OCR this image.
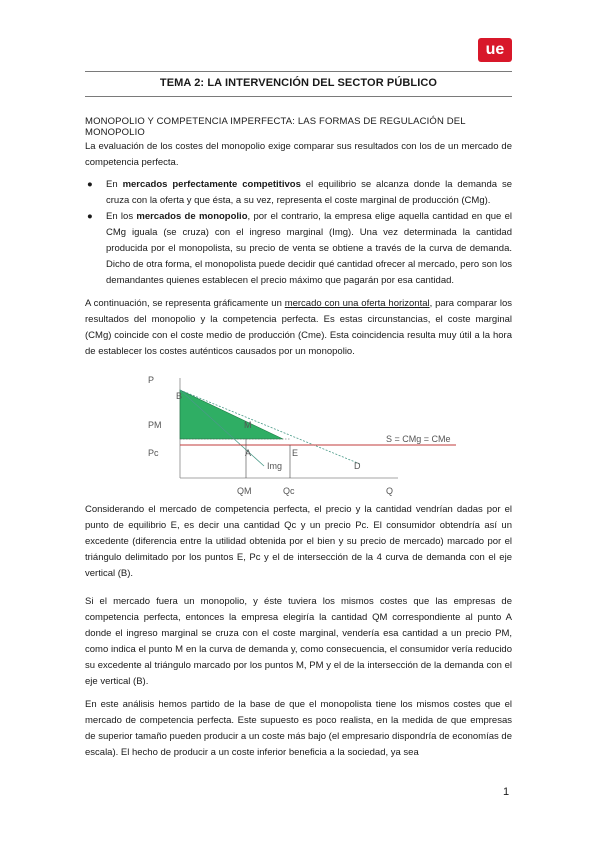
ue
TEMA 2: LA INTERVENCIÓN DEL SECTOR PÚBLICO
MONOPOLIO Y COMPETENCIA IMPERFECTA: LAS FORMAS DE REGULACIÓN DEL MONOPOLIO
La evaluación de los costes del monopolio exige comparar sus resultados con los de un mercado de competencia perfecta.
● En mercados perfectamente competitivos el equilibrio se alcanza donde la demanda se cruza con la oferta y que ésta, a su vez, representa el coste marginal de producción (CMg).
● En los mercados de monopolio, por el contrario, la empresa elige aquella cantidad en que el CMg iguala (se cruza) con el ingreso marginal (Img). Una vez determinada la cantidad producida por el monopolista, su precio de venta se obtiene a través de la curva de demanda. Dicho de otra forma, el monopolista puede decidir qué cantidad ofrecer al mercado, pero son los demandantes quienes establecen el precio máximo que pagarán por esa cantidad.
A continuación, se representa gráficamente un mercado con una oferta horizontal, para comparar los resultados del monopolio y la competencia perfecta. Es estas circunstancias, el coste marginal (CMg) coincide con el coste medio de producción (Cme). Esta coincidencia resulta muy útil a la hora de establecer los costes auténticos causados por un monopolio.
P
B
M
PM
Pc	A	E
D
Img
S = CMg = CMe
QM	Qc	Q
Considerando el mercado de competencia perfecta, el precio y la cantidad vendrían dadas por el punto de equilibrio E, es decir una cantidad Qc y un precio Pc. El consumidor obtendría así un excedente (diferencia entre la utilidad obtenida por el bien y su precio de mercado) marcado por el triángulo delimitado por los puntos E, Pc y el de intersección de la 4 curva de demanda con el eje vertical (B).
Si el mercado fuera un monopolio, y éste tuviera los mismos costes que las empresas de competencia perfecta, entonces la empresa elegiría la cantidad QM correspondiente al punto A donde el ingreso marginal se cruza con el coste marginal, vendería esa cantidad a un precio PM, como indica el punto M en la curva de demanda y, como consecuencia, el consumidor vería reducido su excedente al triángulo marcado por los puntos M, PM y el de la intersección de la demanda con el eje vertical (B).
En este análisis hemos partido de la base de que el monopolista tiene los mismos costes que el mercado de competencia perfecta. Este supuesto es poco realista, en la medida de que empresas de superior tamaño pueden producir a un coste más bajo (el empresario dispondría de economías de escala). El hecho de producir a un coste inferior beneficia a la sociedad, ya sea
1
